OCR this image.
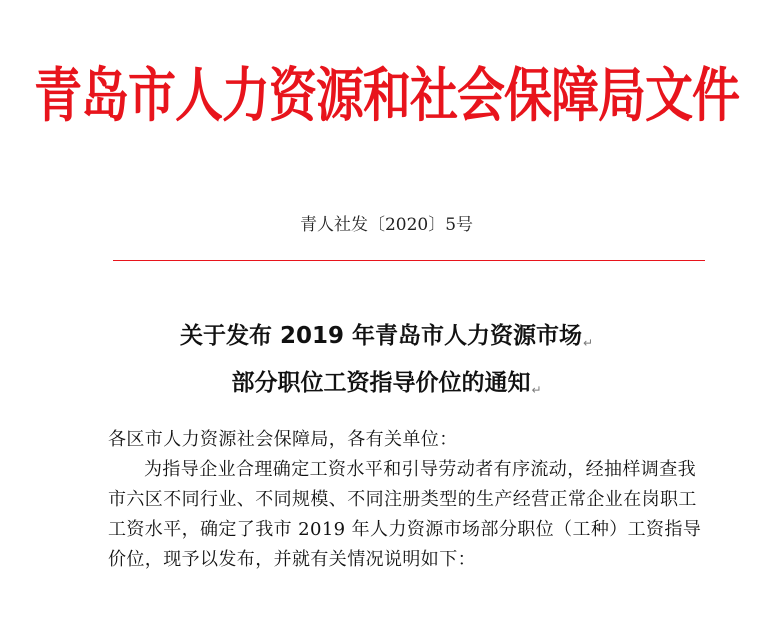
青岛市人力资源和社会保障局文件
青人社发〔2020〕5号
关于发布 2019 年青岛市人力资源市场↵
部分职位工资指导价位的通知↵

各区市人力资源社会保障局，各有关单位：

为指导企业合理确定工资水平和引导劳动者有序流动，经抽样调查我市六区不同行业、不同规模、不同注册类型的生产经营正常企业在岗职工工资水平，确定了我市 2019 年人力资源市场部分职位（工种）工资指导价位，现予以发布，并就有关情况说明如下：
